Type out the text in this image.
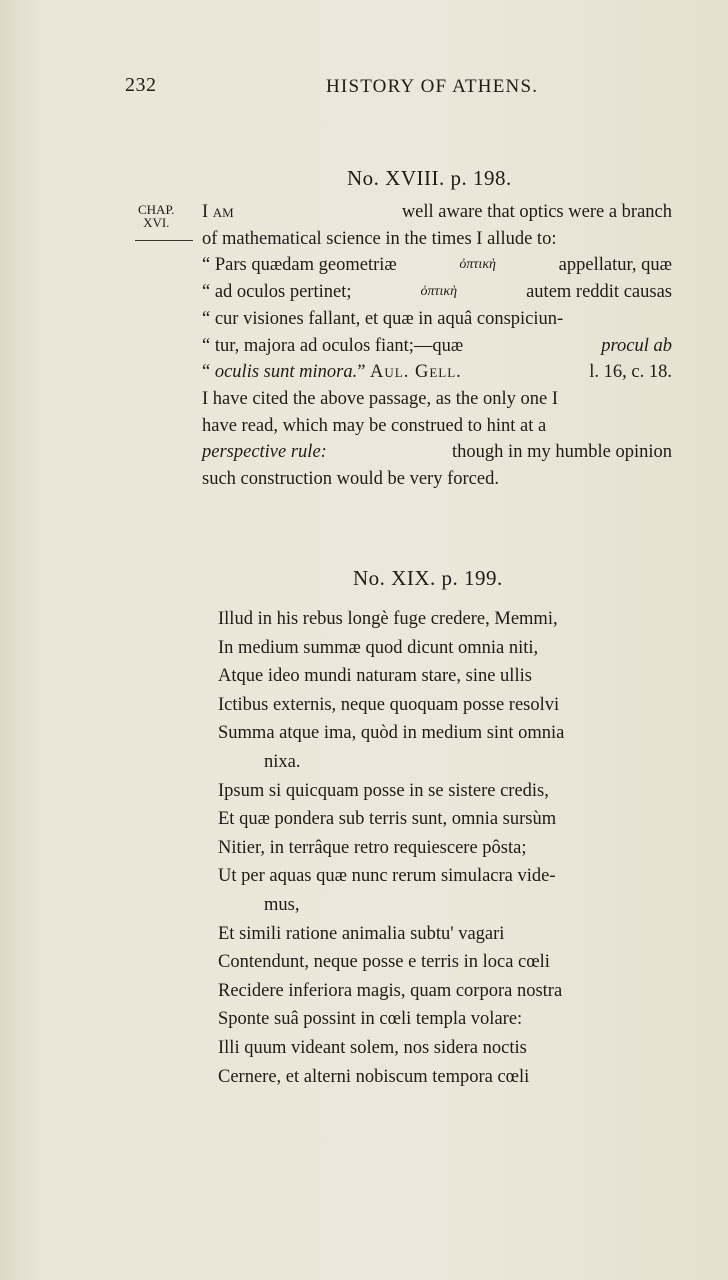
232	HISTORY OF ATHENS.
No. XVIII. p. 198.
CHAP.
XVI.
I am	well aware that optics were a branch
of mathematical science in the times I allude to:
“ Pars quædam geometriæ	ὀπτικὴ	appellatur, quæ
“ ad oculos pertinet;	ὀπτικὴ	autem reddit causas
“ cur visiones fallant, et quæ in aquâ conspiciun-
“ tur, majora ad oculos fiant;—quæ	procul ab
“ oculis sunt minora.” Aul. Gell.	l. 16, c. 18.
I have cited the above passage, as the only one I
have read, which may be construed to hint at a
perspective rule:	though in my humble opinion
such construction would be very forced.
No. XIX. p. 199.
Illud in his rebus longè fuge credere, Memmi,
In medium summæ quod dicunt omnia niti,
Atque ideo mundi naturam stare, sine ullis
Ictibus externis, neque quoquam posse resolvi
Summa atque ima, quòd in medium sint omnia
nixa.
Ipsum si quicquam posse in se sistere credis,
Et quæ pondera sub terris sunt, omnia sursùm
Nitier, in terrâque retro requiescere pôsta;
Ut per aquas quæ nunc rerum simulacra vide-
mus,
Et simili ratione animalia subtu' vagari
Contendunt, neque posse e terris in loca cœli
Recidere inferiora magis, quam corpora nostra
Sponte suâ possint in cœli templa volare:
Illi quum videant solem, nos sidera noctis
Cernere, et alterni nobiscum tempora cœli
